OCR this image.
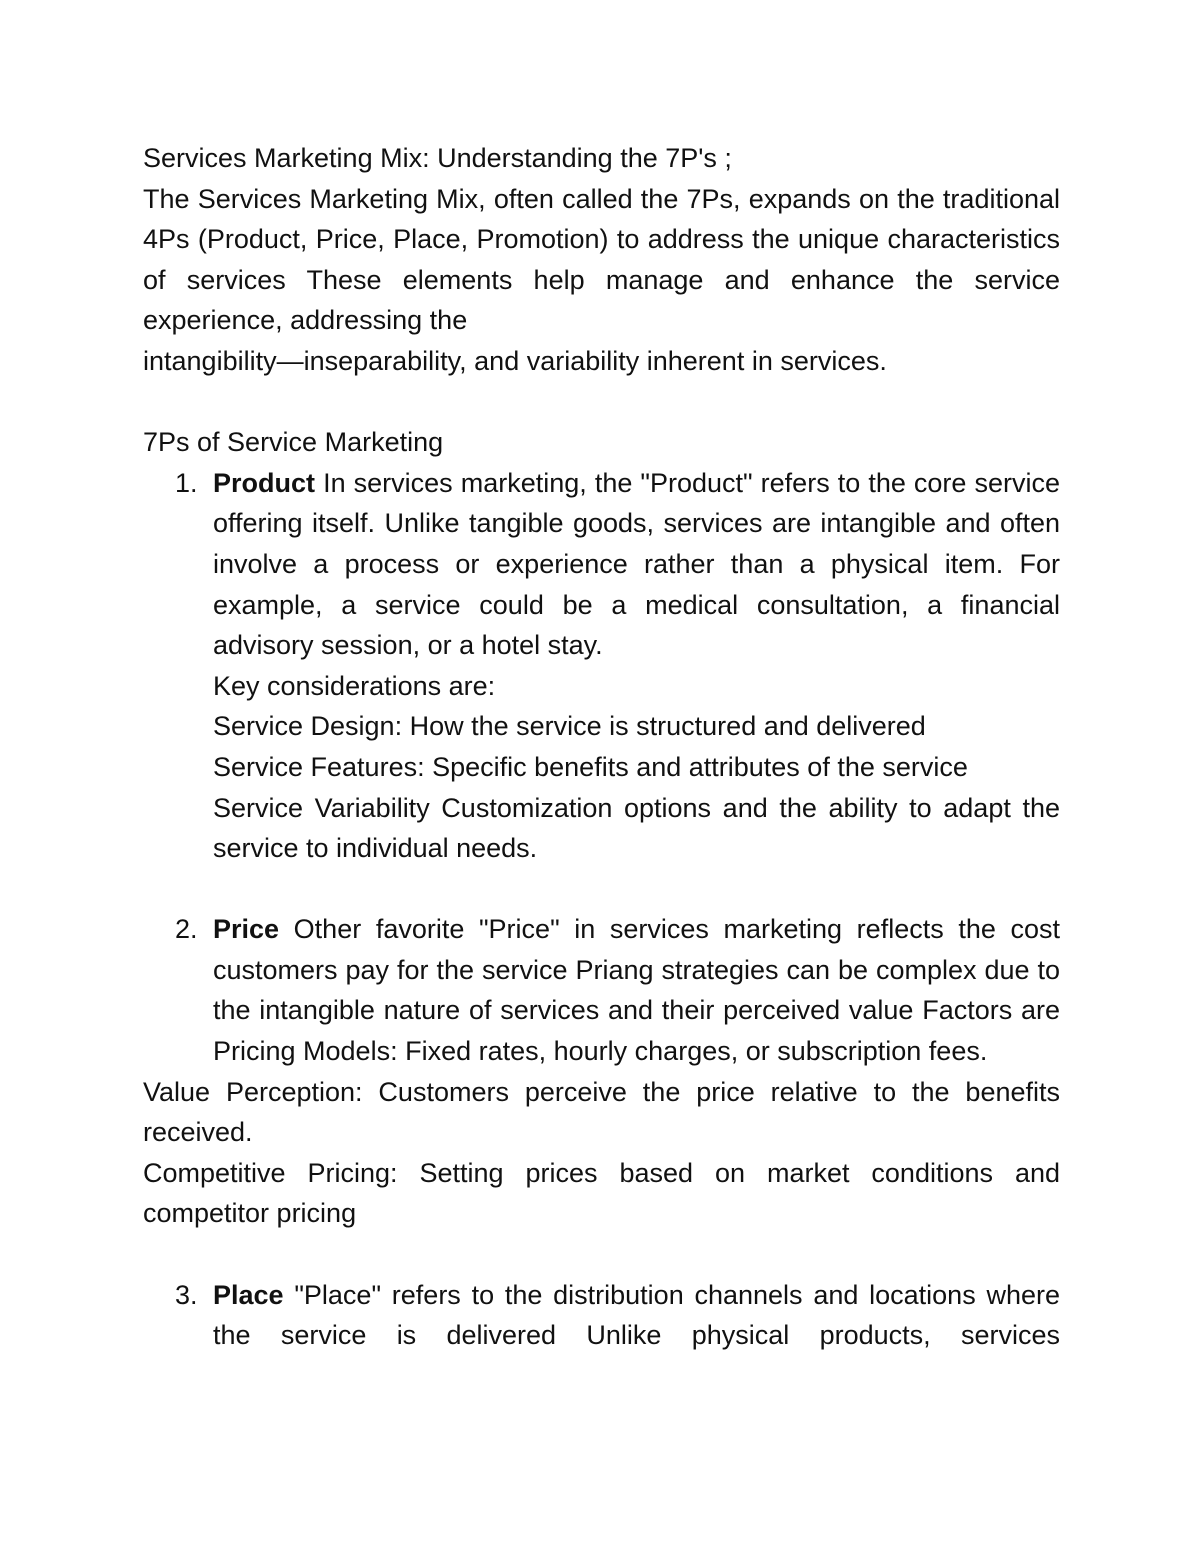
Services Marketing Mix: Understanding the 7P's ;

The Services Marketing Mix, often called the 7Ps, expands on the traditional 4Ps (Product, Price, Place, Promotion) to address the unique characteristics of services These elements help manage and enhance the service experience, addressing the

intangibility—inseparability, and variability inherent in services.

7Ps of Service Marketing

1. Product In services marketing, the "Product" refers to the core service offering itself. Unlike tangible goods, services are intangible and often involve a process or experience rather than a physical item. For example, a service could be a medical consultation, a financial advisory session, or a hotel stay.

Key considerations are:

Service Design: How the service is structured and delivered

Service Features: Specific benefits and attributes of the service

Service Variability Customization options and the ability to adapt the service to individual needs.

2. Price Other favorite "Price" in services marketing reflects the cost customers pay for the service Priang strategies can be complex due to the intangible nature of services and their perceived value Factors are Pricing Models: Fixed rates, hourly charges, or subscription fees.

Value Perception: Customers perceive the price relative to the benefits received.

Competitive Pricing: Setting prices based on market conditions and competitor pricing

3. Place "Place" refers to the distribution channels and locations where the service is delivered Unlike physical products, services
